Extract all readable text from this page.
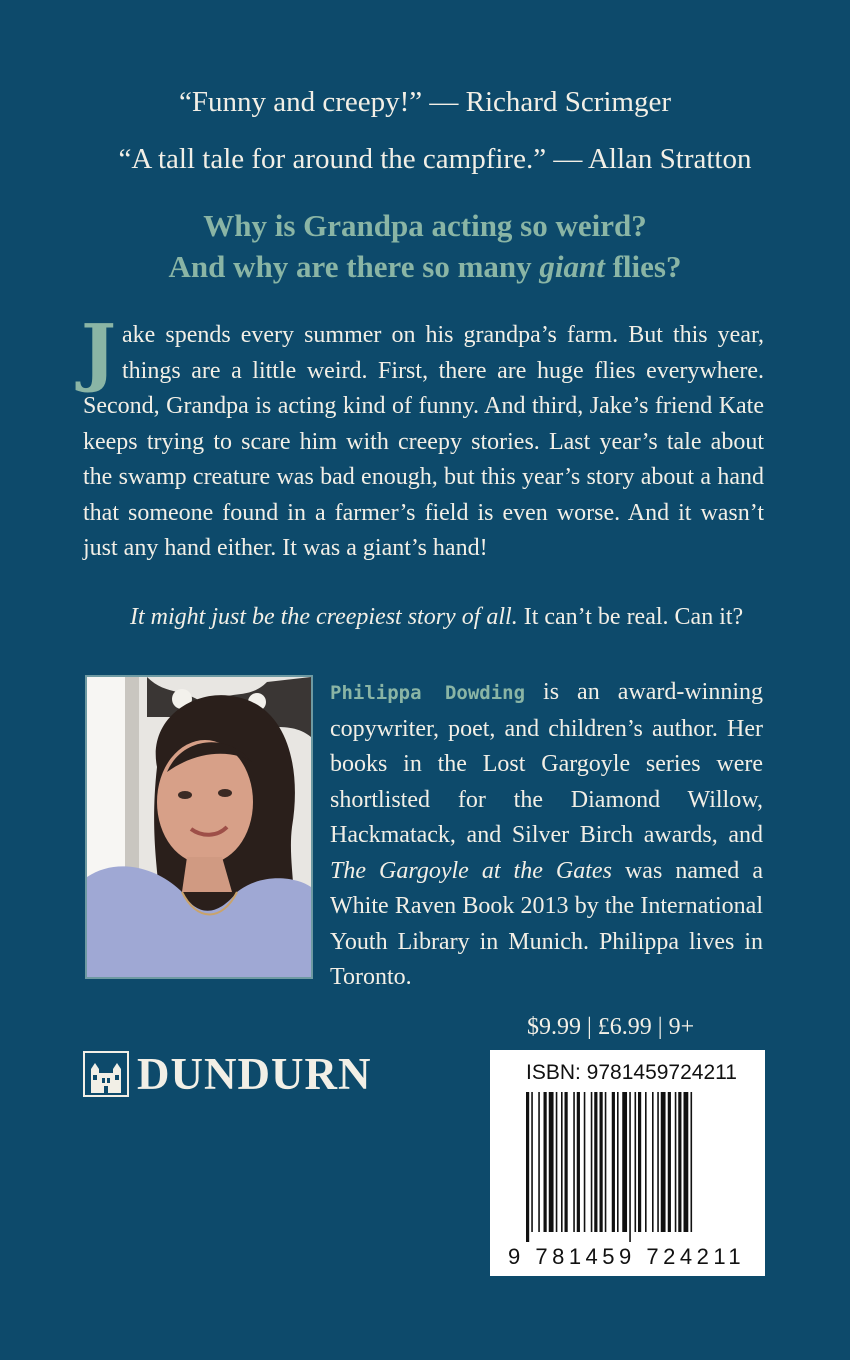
“Funny and creepy!” — Richard Scrimger
“A tall tale for around the campfire.” — Allan Stratton
Why is Grandpa acting so weird?
And why are there so many giant flies?
Jake spends every summer on his grandpa’s farm. But this year, things are a little weird. First, there are huge flies everywhere. Second, Grandpa is acting kind of funny. And third, Jake’s friend Kate keeps trying to scare him with creepy stories. Last year’s tale about the swamp creature was bad enough, but this year’s story about a hand that someone found in a farmer’s field is even worse. And it wasn’t just any hand either. It was a giant’s hand!
It might just be the creepiest story of all. It can’t be real. Can it?
Philippa Dowding is an award-winning copywriter, poet, and children’s author. Her books in the Lost Gargoyle series were shortlisted for the Diamond Willow, Hackmatack, and Silver Birch awards, and The Gargoyle at the Gates was named a White Raven Book 2013 by the International Youth Library in Munich. Philippa lives in Toronto.
$9.99 | £6.99 | 9+
DUNDURN	ISBN: 9781459724211
9 781459 724211
